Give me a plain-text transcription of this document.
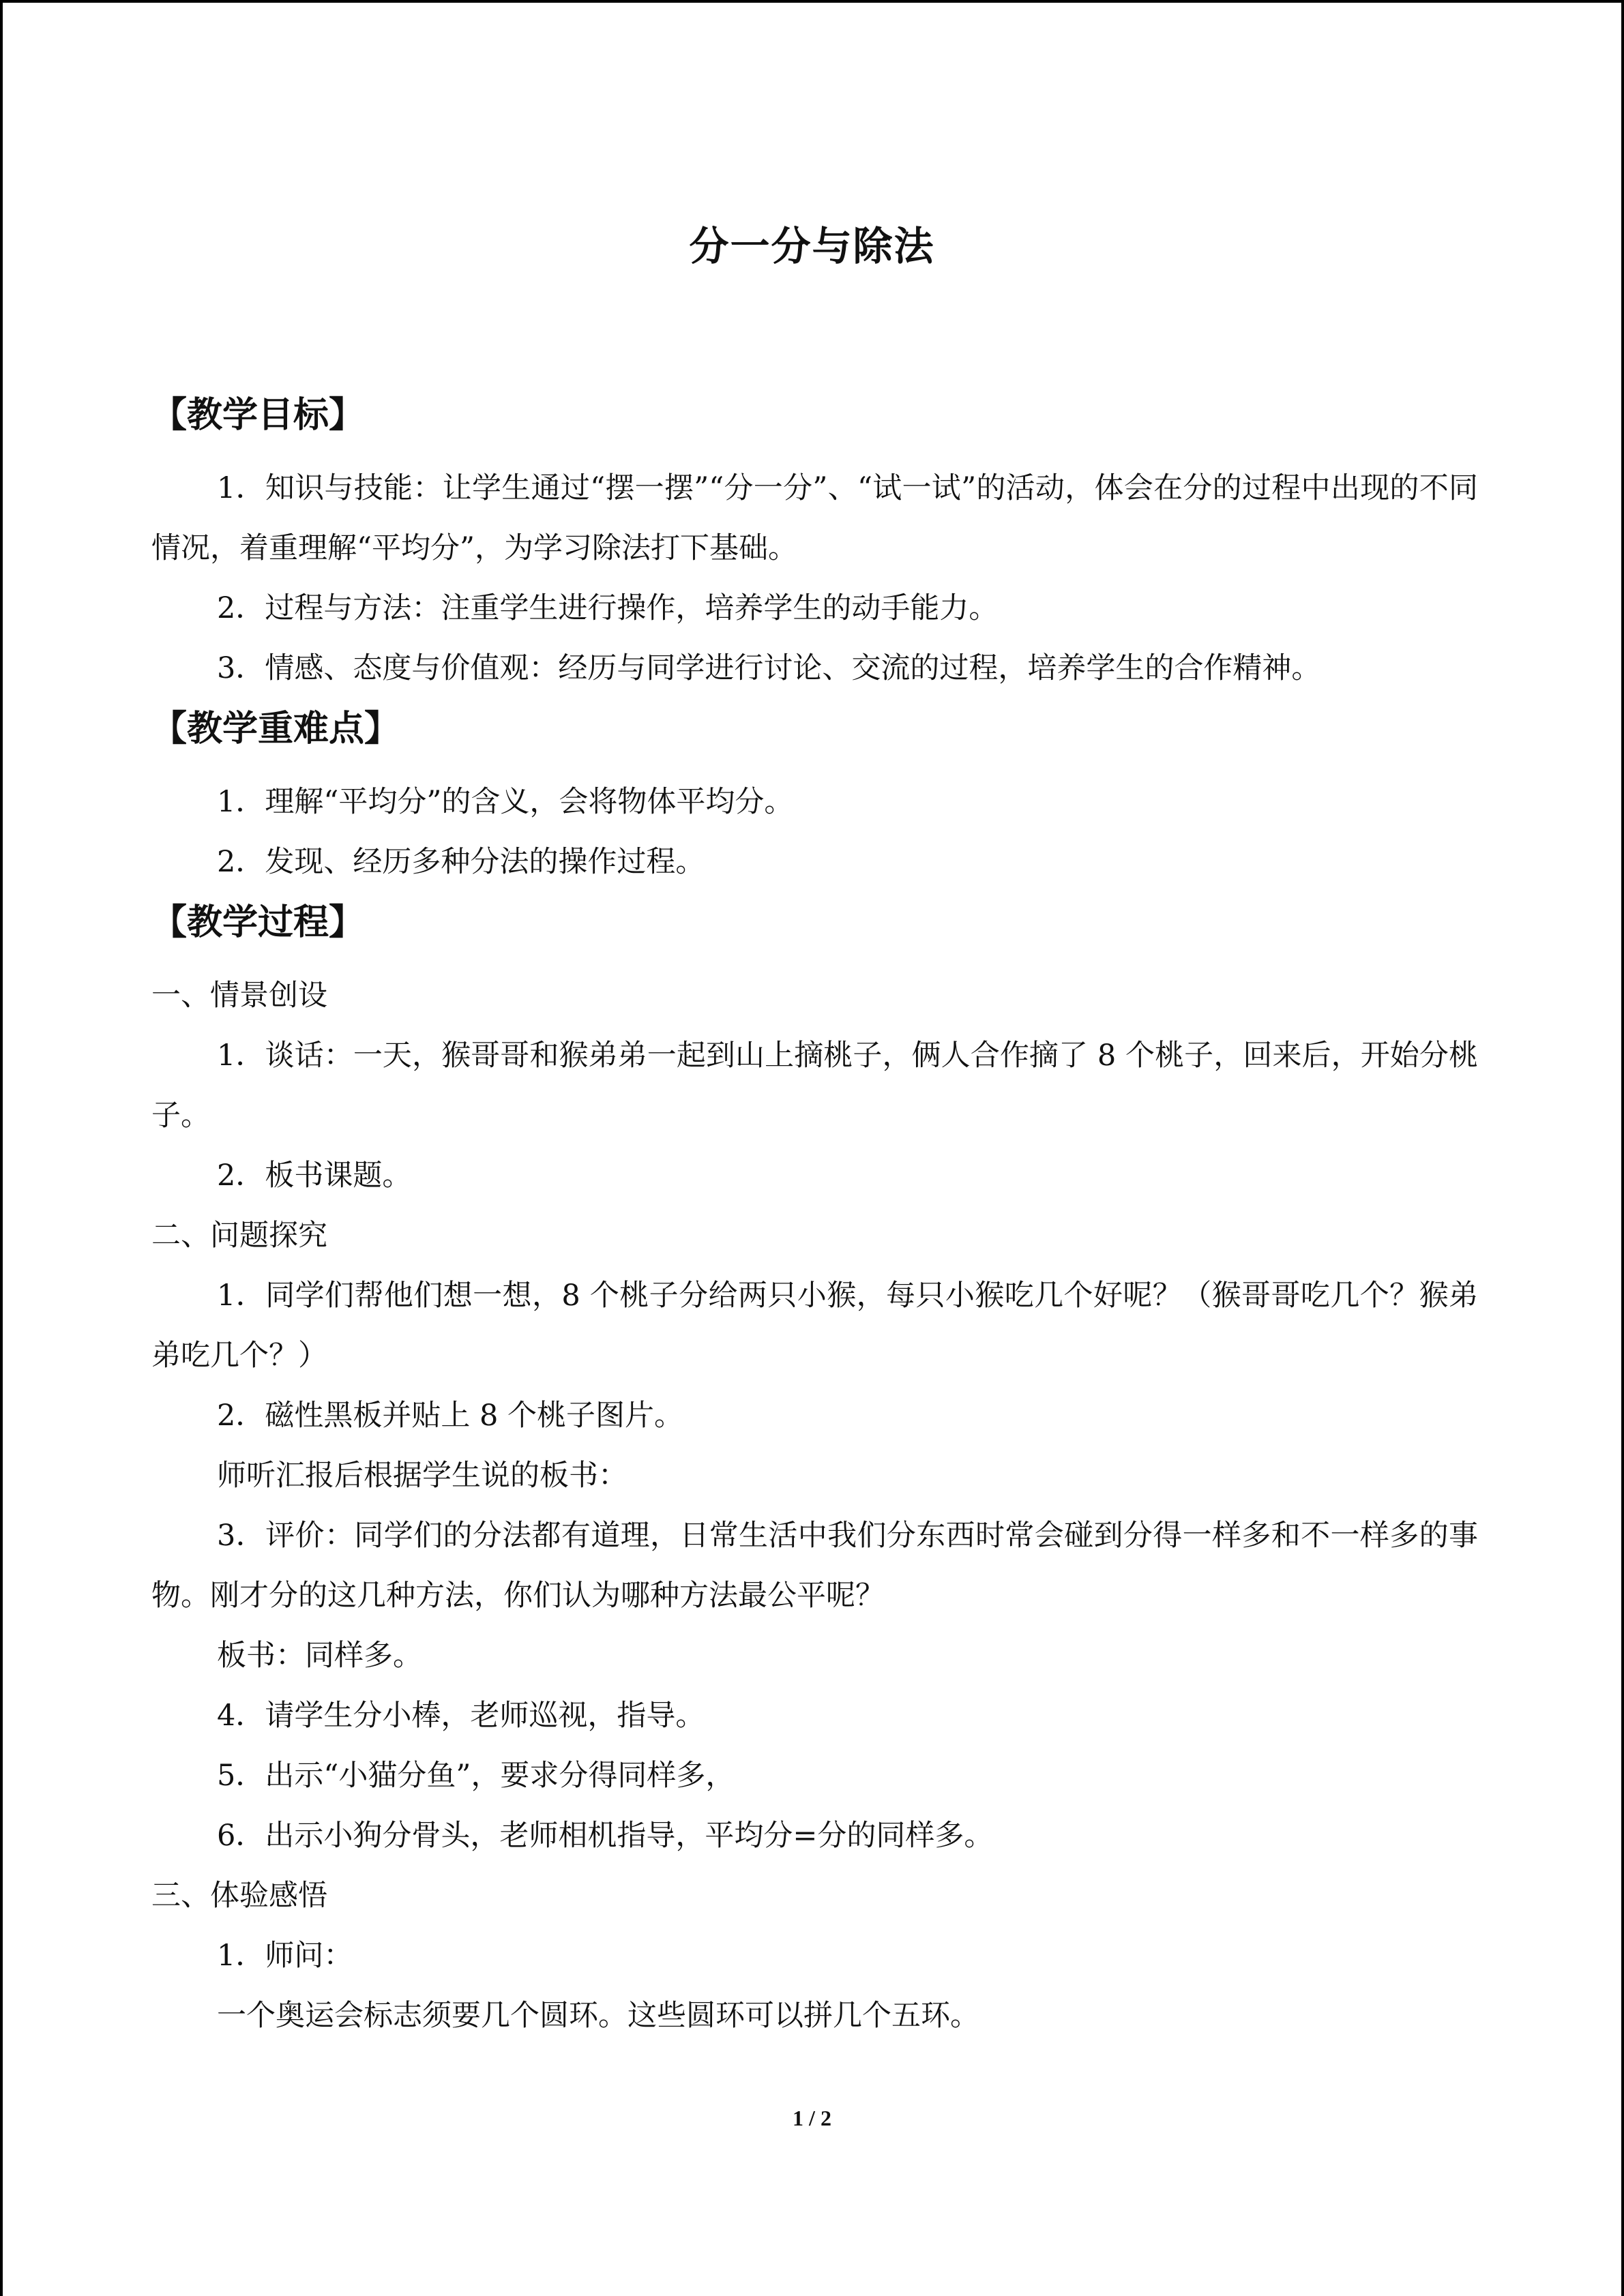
分一分与除法

【教学目标】

1．知识与技能：让学生通过“摆一摆”“分一分”、“试一试”的活动，体会在分的过程中出现的不同情况，着重理解“平均分”，为学习除法打下基础。

2．过程与方法：注重学生进行操作，培养学生的动手能力。

3．情感、态度与价值观：经历与同学进行讨论、交流的过程，培养学生的合作精神。

【教学重难点】

1．理解“平均分”的含义，会将物体平均分。

2．发现、经历多种分法的操作过程。

【教学过程】

一、情景创设

1．谈话：一天，猴哥哥和猴弟弟一起到山上摘桃子，俩人合作摘了 8 个桃子，回来后，开始分桃子。

2．板书课题。

二、问题探究

1．同学们帮他们想一想，8 个桃子分给两只小猴，每只小猴吃几个好呢？（猴哥哥吃几个？猴弟弟吃几个？）

2．磁性黑板并贴上 8 个桃子图片。

师听汇报后根据学生说的板书：

3．评价：同学们的分法都有道理，日常生活中我们分东西时常会碰到分得一样多和不一样多的事物。刚才分的这几种方法，你们认为哪种方法最公平呢？

板书：同样多。

4．请学生分小棒，老师巡视，指导。

5．出示“小猫分鱼”，要求分得同样多，

6．出示小狗分骨头，老师相机指导，平均分=分的同样多。

三、体验感悟

1．师问：

一个奥运会标志须要几个圆环。这些圆环可以拼几个五环。

1 / 2
